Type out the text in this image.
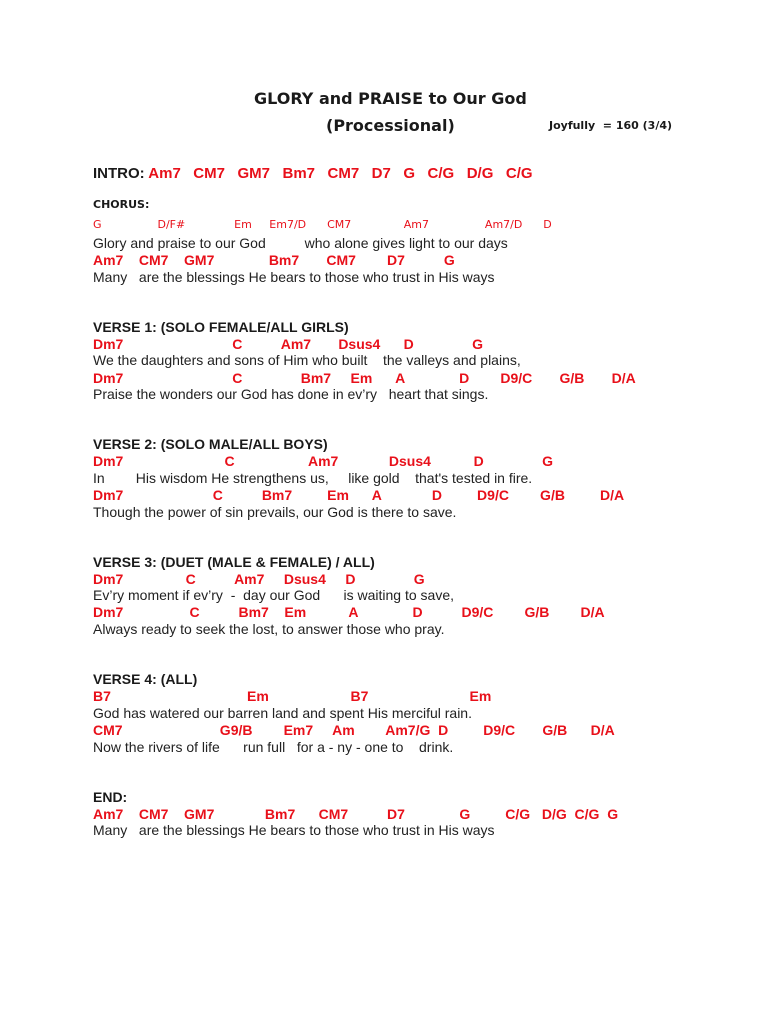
GLORY and PRAISE to Our God
(Processional)	Joyfully  = 160 (3/4)
INTRO: Am7   CM7   GM7   Bm7   CM7   D7   G   C/G   D/G   C/G
CHORUS:
G                D/F#              Em     Em7/D      CM7               Am7                Am7/D      D
Glory and praise to our God          who alone gives light to our days
Am7    CM7    GM7              Bm7       CM7        D7          G
Many   are the blessings He bears to those who trust in His ways
VERSE 1: (SOLO FEMALE/ALL GIRLS)
Dm7                            C          Am7       Dsus4      D               G
We the daughters and sons of Him who built    the valleys and plains,
Dm7                            C               Bm7     Em      A              D        D9/C       G/B       D/A
Praise the wonders our God has done in ev’ry   heart that sings.
VERSE 2: (SOLO MALE/ALL BOYS)
Dm7                          C                   Am7             Dsus4           D               G
In        His wisdom He strengthens us,     like gold    that's tested in fire.
Dm7                       C          Bm7         Em      A             D         D9/C        G/B         D/A
Though the power of sin prevails, our God is there to save.
VERSE 3: (DUET (MALE & FEMALE) / ALL)
Dm7                C          Am7     Dsus4     D               G
Ev’ry moment if ev’ry  -  day our God      is waiting to save,
Dm7                 C          Bm7    Em           A              D          D9/C        G/B        D/A
Always ready to seek the lost, to answer those who pray.
VERSE 4: (ALL)
B7                                   Em                     B7                          Em
God has watered our barren land and spent His merciful rain.
CM7                         G9/B        Em7     Am        Am7/G  D         D9/C       G/B      D/A
Now the rivers of life      run full   for a - ny - one to    drink.
END:
Am7    CM7    GM7             Bm7      CM7          D7              G         C/G   D/G  C/G  G
Many   are the blessings He bears to those who trust in His ways
